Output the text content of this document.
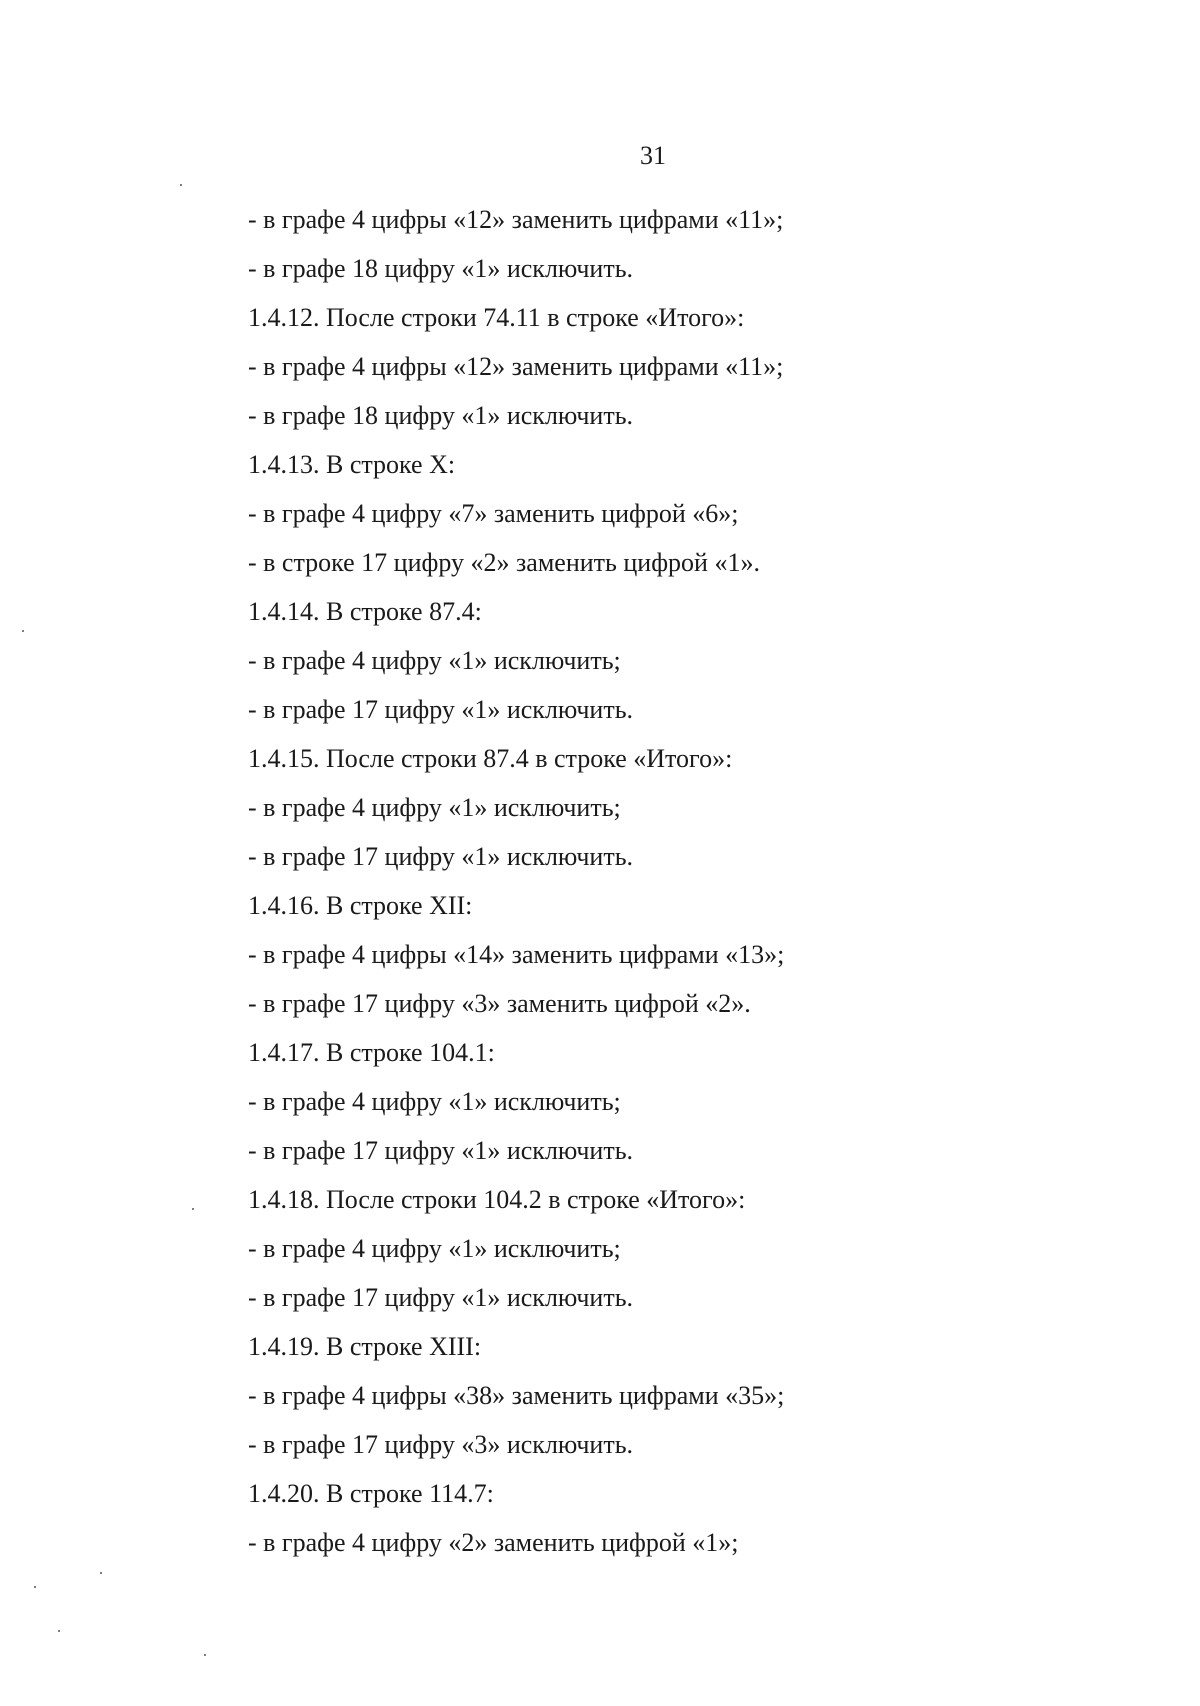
31
- в графе 4 цифры «12» заменить цифрами «11»;
- в графе 18 цифру «1» исключить.
1.4.12. После строки 74.11 в строке «Итого»:
- в графе 4 цифры «12» заменить цифрами «11»;
- в графе 18 цифру «1» исключить.
1.4.13. В строке X:
- в графе 4 цифру «7» заменить цифрой «6»;
- в строке 17 цифру «2» заменить цифрой «1».
1.4.14. В строке 87.4:
- в графе 4 цифру «1» исключить;
- в графе 17 цифру «1» исключить.
1.4.15. После строки 87.4 в строке «Итого»:
- в графе 4 цифру «1» исключить;
- в графе 17 цифру «1» исключить.
1.4.16. В строке XII:
- в графе 4 цифры «14» заменить цифрами «13»;
- в графе 17 цифру «3» заменить цифрой «2».
1.4.17. В строке 104.1:
- в графе 4 цифру «1» исключить;
- в графе 17 цифру «1» исключить.
1.4.18. После строки 104.2 в строке «Итого»:
- в графе 4 цифру «1» исключить;
- в графе 17 цифру «1» исключить.
1.4.19. В строке XIII:
- в графе 4 цифры «38» заменить цифрами «35»;
- в графе 17 цифру «3» исключить.
1.4.20. В строке 114.7:
- в графе 4 цифру «2» заменить цифрой «1»;
